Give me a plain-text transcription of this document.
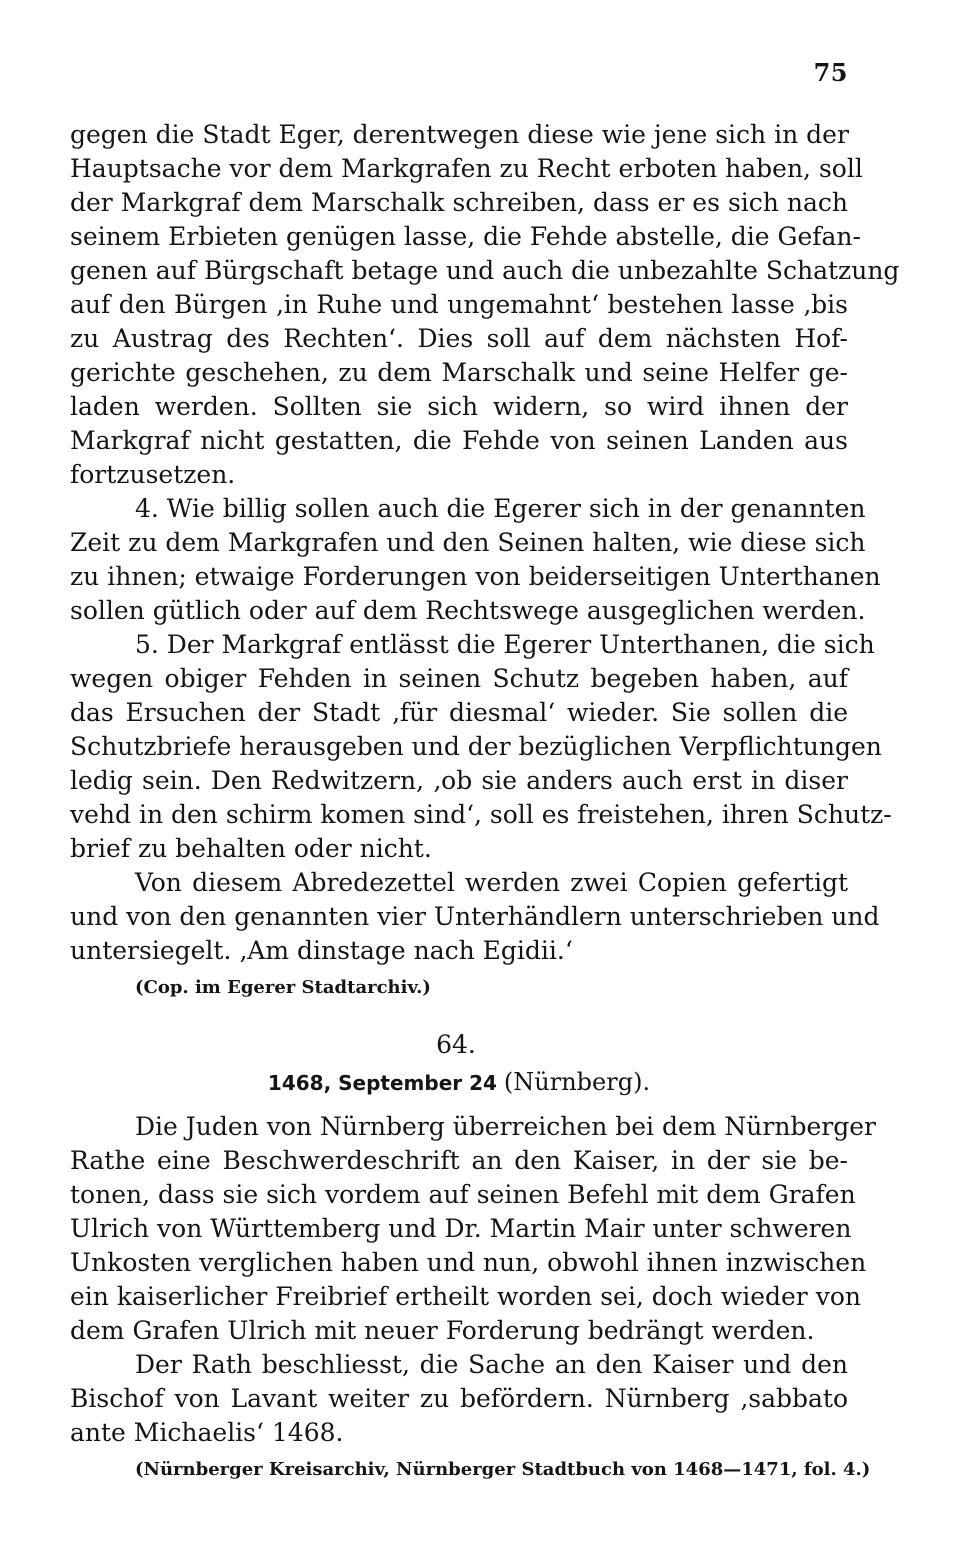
75
gegen die Stadt Eger, derentwegen diese wie jene sich in der
Hauptsache vor dem Markgrafen zu Recht erboten haben, soll
der Markgraf dem Marschalk schreiben, dass er es sich nach
seinem Erbieten genügen lasse, die Fehde abstelle, die Gefan-
genen auf Bürgschaft betage und auch die unbezahlte Schatzung
auf den Bürgen ‚in Ruhe und ungemahnt‘ bestehen lasse ‚bis
zu Austrag des Rechten‘. Dies soll auf dem nächsten Hof-
gerichte geschehen, zu dem Marschalk und seine Helfer ge-
laden werden. Sollten sie sich widern, so wird ihnen der
Markgraf nicht gestatten, die Fehde von seinen Landen aus
fortzusetzen.
4. Wie billig sollen auch die Egerer sich in der genannten
Zeit zu dem Markgrafen und den Seinen halten, wie diese sich
zu ihnen; etwaige Forderungen von beiderseitigen Unterthanen
sollen gütlich oder auf dem Rechtswege ausgeglichen werden.
5. Der Markgraf entlässt die Egerer Unterthanen, die sich
wegen obiger Fehden in seinen Schutz begeben haben, auf
das Ersuchen der Stadt ‚für diesmal‘ wieder. Sie sollen die
Schutzbriefe herausgeben und der bezüglichen Verpflichtungen
ledig sein. Den Redwitzern, ‚ob sie anders auch erst in diser
vehd in den schirm komen sind‘, soll es freistehen, ihren Schutz-
brief zu behalten oder nicht.
Von diesem Abredezettel werden zwei Copien gefertigt
und von den genannten vier Unterhändlern unterschrieben und
untersiegelt. ‚Am dinstage nach Egidii.‘
(Cop. im Egerer Stadtarchiv.)
64.
1468, September 24 (Nürnberg).
Die Juden von Nürnberg überreichen bei dem Nürnberger
Rathe eine Beschwerdeschrift an den Kaiser, in der sie be-
tonen, dass sie sich vordem auf seinen Befehl mit dem Grafen
Ulrich von Württemberg und Dr. Martin Mair unter schweren
Unkosten verglichen haben und nun, obwohl ihnen inzwischen
ein kaiserlicher Freibrief ertheilt worden sei, doch wieder von
dem Grafen Ulrich mit neuer Forderung bedrängt werden.
Der Rath beschliesst, die Sache an den Kaiser und den
Bischof von Lavant weiter zu befördern. Nürnberg ‚sabbato
ante Michaelis‘ 1468.
(Nürnberger Kreisarchiv, Nürnberger Stadtbuch von 1468—1471, fol. 4.)
